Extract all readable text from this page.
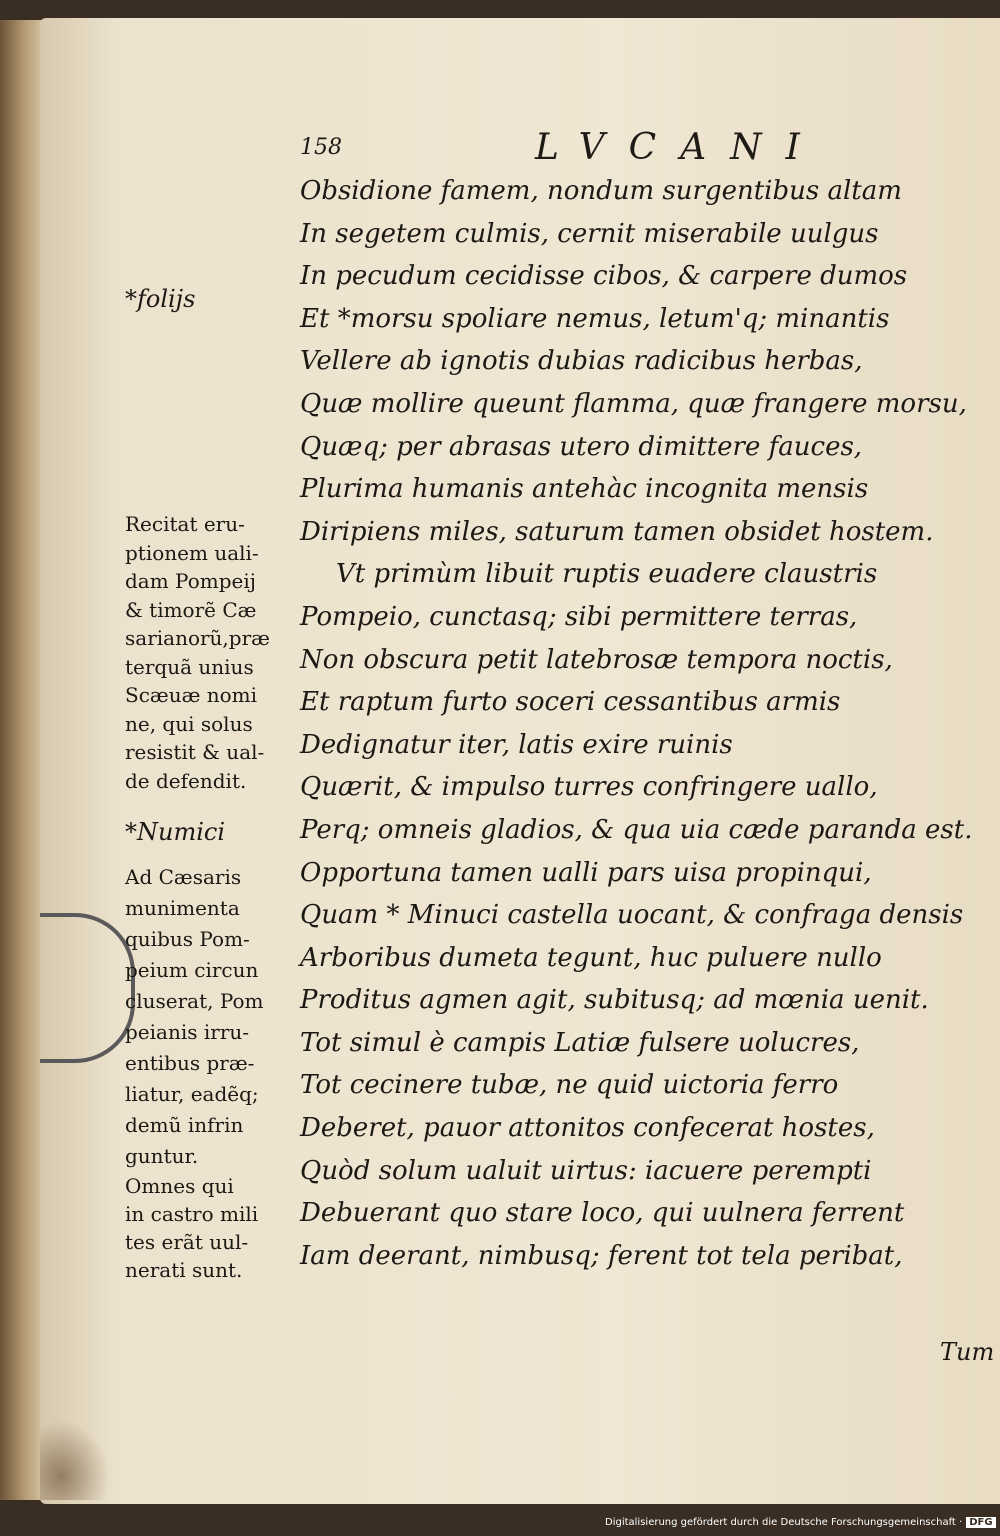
158	LVCANI
Obsidione famem, nondum surgentibus altam
In segetem culmis, cernit miserabile uulgus
In pecudum cecidisse cibos, & carpere dumos
Et *morsu spoliare nemus, letum'q; minantis
Vellere ab ignotis dubias radicibus herbas,
Quæ mollire queunt flamma, quæ frangere morsu,
Quæq; per abrasas utero dimittere fauces,
Plurima humanis antehàc incognita mensis
Diripiens miles, saturum tamen obsidet hostem.
Vt primùm libuit ruptis euadere claustris
Pompeio, cunctasq; sibi permittere terras,
Non obscura petit latebrosæ tempora noctis,
Et raptum furto soceri cessantibus armis
Dedignatur iter, latis exire ruinis
Quærit, & impulso turres confringere uallo,
Perq; omneis gladios, & qua uia cæde paranda est.
Opportuna tamen ualli pars uisa propinqui,
Quam * Minuci castella uocant, & confraga densis
Arboribus dumeta tegunt, huc puluere nullo
Proditus agmen agit, subitusq; ad mœnia uenit.
Tot simul è campis Latiæ fulsere uolucres,
Tot cecinere tubæ, ne quid uictoria ferro
Deberet, pauor attonitos confecerat hostes,
Quòd solum ualuit uirtus: iacuere perempti
Debuerant quo stare loco, qui uulnera ferrent
Iam deerant, nimbusq; ferent tot tela peribat,
*folijs
Recitat eru-
ptionem uali-
dam Pompeij
& timorẽ Cæ
sarianorũ,præ
terquã unius
Scæuæ nomi
ne, qui solus
resistit & ual-
de defendit.
*Numici
Ad Cæsaris
munimenta
quibus Pom-
peium circun
cluserat, Pom
peianis irru-
entibus præ-
liatur, eadẽq;
demũ infrin
guntur.
Omnes qui
in castro mili
tes erãt uul-
nerati sunt.
Tum
Digitalisierung gefördert durch die Deutsche Forschungsgemeinschaft · DFG
